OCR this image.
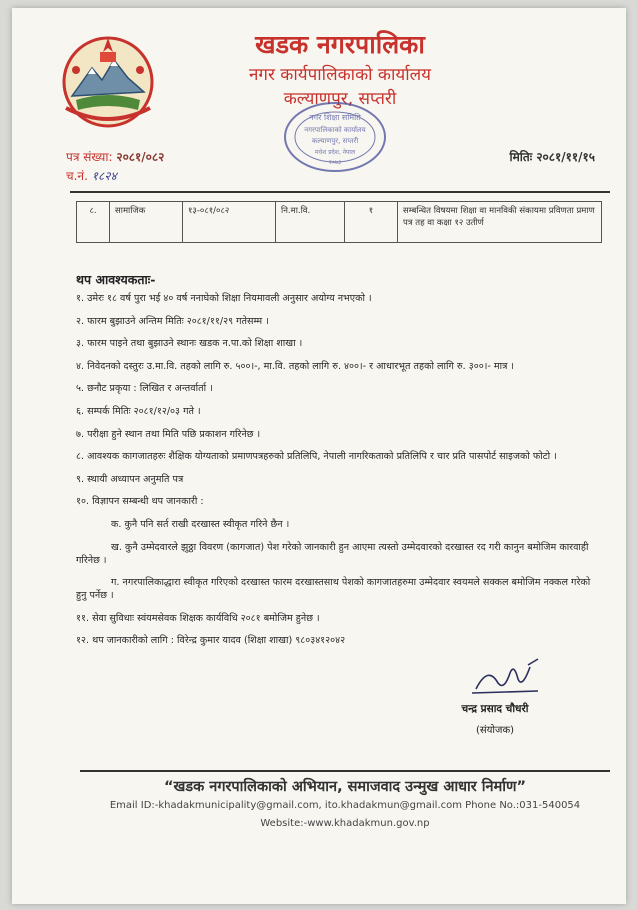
खडक नगरपालिका
नगर कार्यपालिकाको कार्यालय
कल्याणपुर, सप्तरी
नगर शिक्षा समिति
नगरपालिकाको कार्यालय
कल्याणपुर, सप्तरी
मधेश प्रदेश, नेपाल
२०७३
पत्र संख्या: २०८१/०८२	मितिः २०८१/११/१५
च.नं. १८२४
८.	सामाजिक	१३-०८१/०८२	नि.मा.वि.	१	सम्बन्धित विषयमा शिक्षा वा मानविकी संकायमा प्रविणता प्रमाण पत्र तह वा कक्षा १२ उतीर्ण
थप आवश्यकताः-
१. उमेरः १८ वर्ष पुरा भई ४० वर्ष ननाघेको शिक्षा नियमावली अनुसार अयोग्य नभएको ।
२. फारम बुझाउने अन्तिम मितिः २०८१/११/२९ गतेसम्म ।
३. फारम पाइने तथा बुझाउने स्थानः खडक न.पा.को शिक्षा शाखा ।
४. निवेदनको दस्तुरः उ.मा.वि. तहको लागि रु. ५००।-, मा.वि. तहको लागि रु. ४००।- र आधारभूत तहको लागि रु. ३००।- मात्र ।
५. छनौट प्रकृया : लिखित र अन्तर्वार्ता ।
६. सम्पर्क मितिः २०८१/१२/०३ गते ।
७. परीक्षा हुने स्थान तथा मिति पछि प्रकाशन गरिनेछ ।
८. आवश्यक कागजातहरुः शैक्षिक योग्यताको प्रमाणपत्रहरुको प्रतिलिपि, नेपाली नागरिकताको प्रतिलिपि र चार प्रति पासपोर्ट साइजको फोटो ।
९. स्थायी अध्यापन अनुमति पत्र
१०. विज्ञापन सम्बन्धी थप जानकारी :
क. कुनै पनि सर्त राखी दरखास्त स्वीकृत गरिने छैन ।
ख. कुनै उम्मेदवारले झुठ्ठा विवरण (कागजात) पेश गरेको जानकारी हुन आएमा त्यस्तो उम्मेदवारको दरखास्त रद गरी कानुन बमोजिम कारवाही गरिनेछ ।
ग. नगरपालिकाद्धारा स्वीकृत गरिएको दरखास्त फारम दरखास्तसाथ पेशको कागजातहरुमा उम्मेदवार स्वयमले सक्कल बमोजिम नक्कल गरेको हुनु पर्नेछ ।
११. सेवा सुविधाः स्वंयमसेवक शिक्षक कार्यविधि २०८१ बमोजिम हुनेछ ।
१२. थप जानकारीको लागि : विरेन्द्र कुमार यादव (शिक्षा शाखा) ९८०३४१२०४२
चन्द्र प्रसाद चौधरी
(संयोजक)
“खडक नगरपालिकाको अभियान, समाजवाद उन्मुख आधार निर्माण”
Email ID:-khadakmunicipality@gmail.com, ito.khadakmun@gmail.com Phone No.:031-540054
Website:-www.khadakmun.gov.np
